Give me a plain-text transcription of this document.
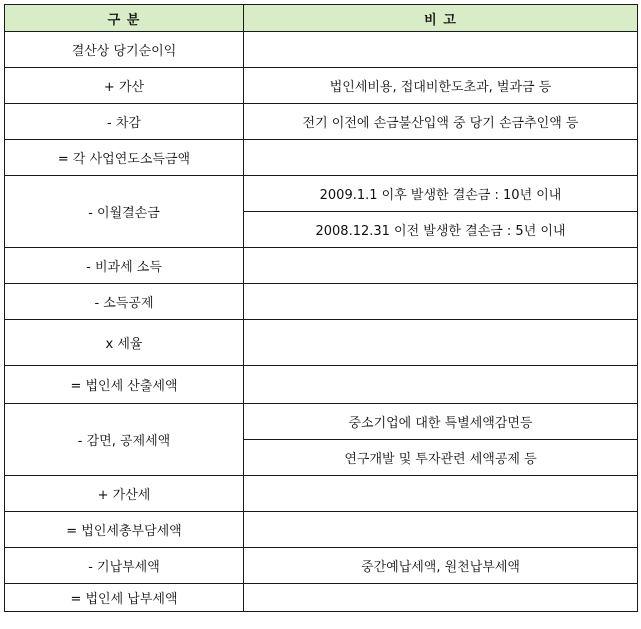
구 분	비 고
결산상 당기순이익	
+ 가산	법인세비용, 접대비한도초과, 벌과금 등
- 차감	전기 이전에 손금불산입액 중 당기 손금추인액 등
= 각 사업연도소득금액	
- 이월결손금	2009.1.1 이후 발생한 결손금 : 10년 이내
	2008.12.31 이전 발생한 결손금 : 5년 이내
- 비과세 소득	
- 소득공제	
x 세율	
= 법인세 산출세액	
- 감면, 공제세액	중소기업에 대한 특별세액감면등
	연구개발 및 투자관련 세액공제 등
+ 가산세	
= 법인세총부담세액	
- 기납부세액	중간예납세액, 원천납부세액
= 법인세 납부세액	
